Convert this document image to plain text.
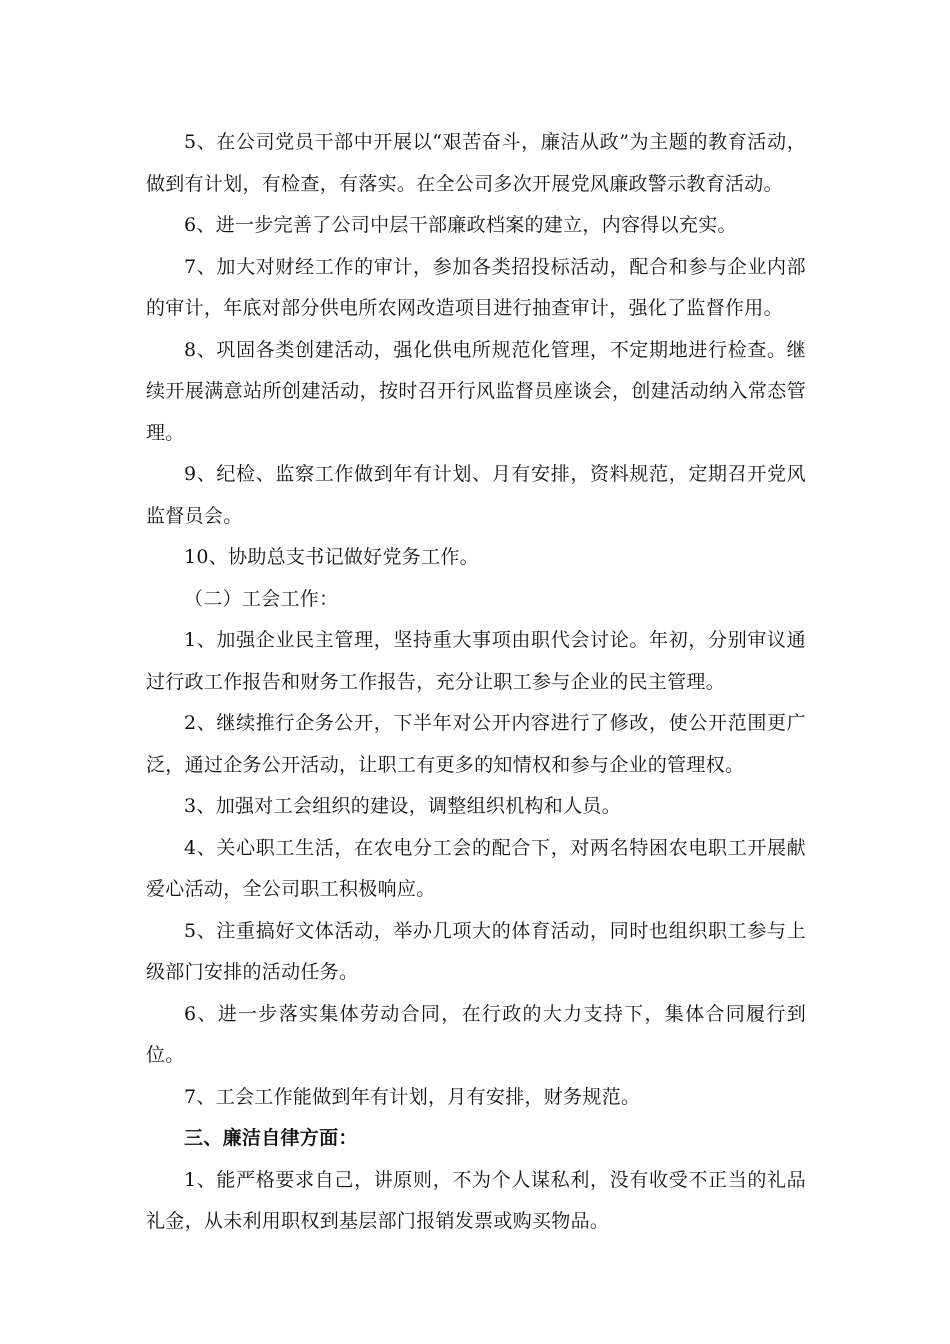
5、在公司党员干部中开展以“艰苦奋斗，廉洁从政”为主题的教育活动，做到有计划，有检查，有落实。在全公司多次开展党风廉政警示教育活动。

6、进一步完善了公司中层干部廉政档案的建立，内容得以充实。

7、加大对财经工作的审计，参加各类招投标活动，配合和参与企业内部的审计，年底对部分供电所农网改造项目进行抽查审计，强化了监督作用。

8、巩固各类创建活动，强化供电所规范化管理，不定期地进行检查。继续开展满意站所创建活动，按时召开行风监督员座谈会，创建活动纳入常态管理。

9、纪检、监察工作做到年有计划、月有安排，资料规范，定期召开党风监督员会。

10、协助总支书记做好党务工作。

（二）工会工作：

1、加强企业民主管理，坚持重大事项由职代会讨论。年初，分别审议通过行政工作报告和财务工作报告，充分让职工参与企业的民主管理。

2、继续推行企务公开，下半年对公开内容进行了修改，使公开范围更广泛，通过企务公开活动，让职工有更多的知情权和参与企业的管理权。

3、加强对工会组织的建设，调整组织机构和人员。

4、关心职工生活，在农电分工会的配合下，对两名特困农电职工开展献爱心活动，全公司职工积极响应。

5、注重搞好文体活动，举办几项大的体育活动，同时也组织职工参与上级部门安排的活动任务。

6、进一步落实集体劳动合同，在行政的大力支持下，集体合同履行到位。

7、工会工作能做到年有计划，月有安排，财务规范。

三、廉洁自律方面：

1、能严格要求自己，讲原则，不为个人谋私利，没有收受不正当的礼品礼金，从未利用职权到基层部门报销发票或购买物品。
